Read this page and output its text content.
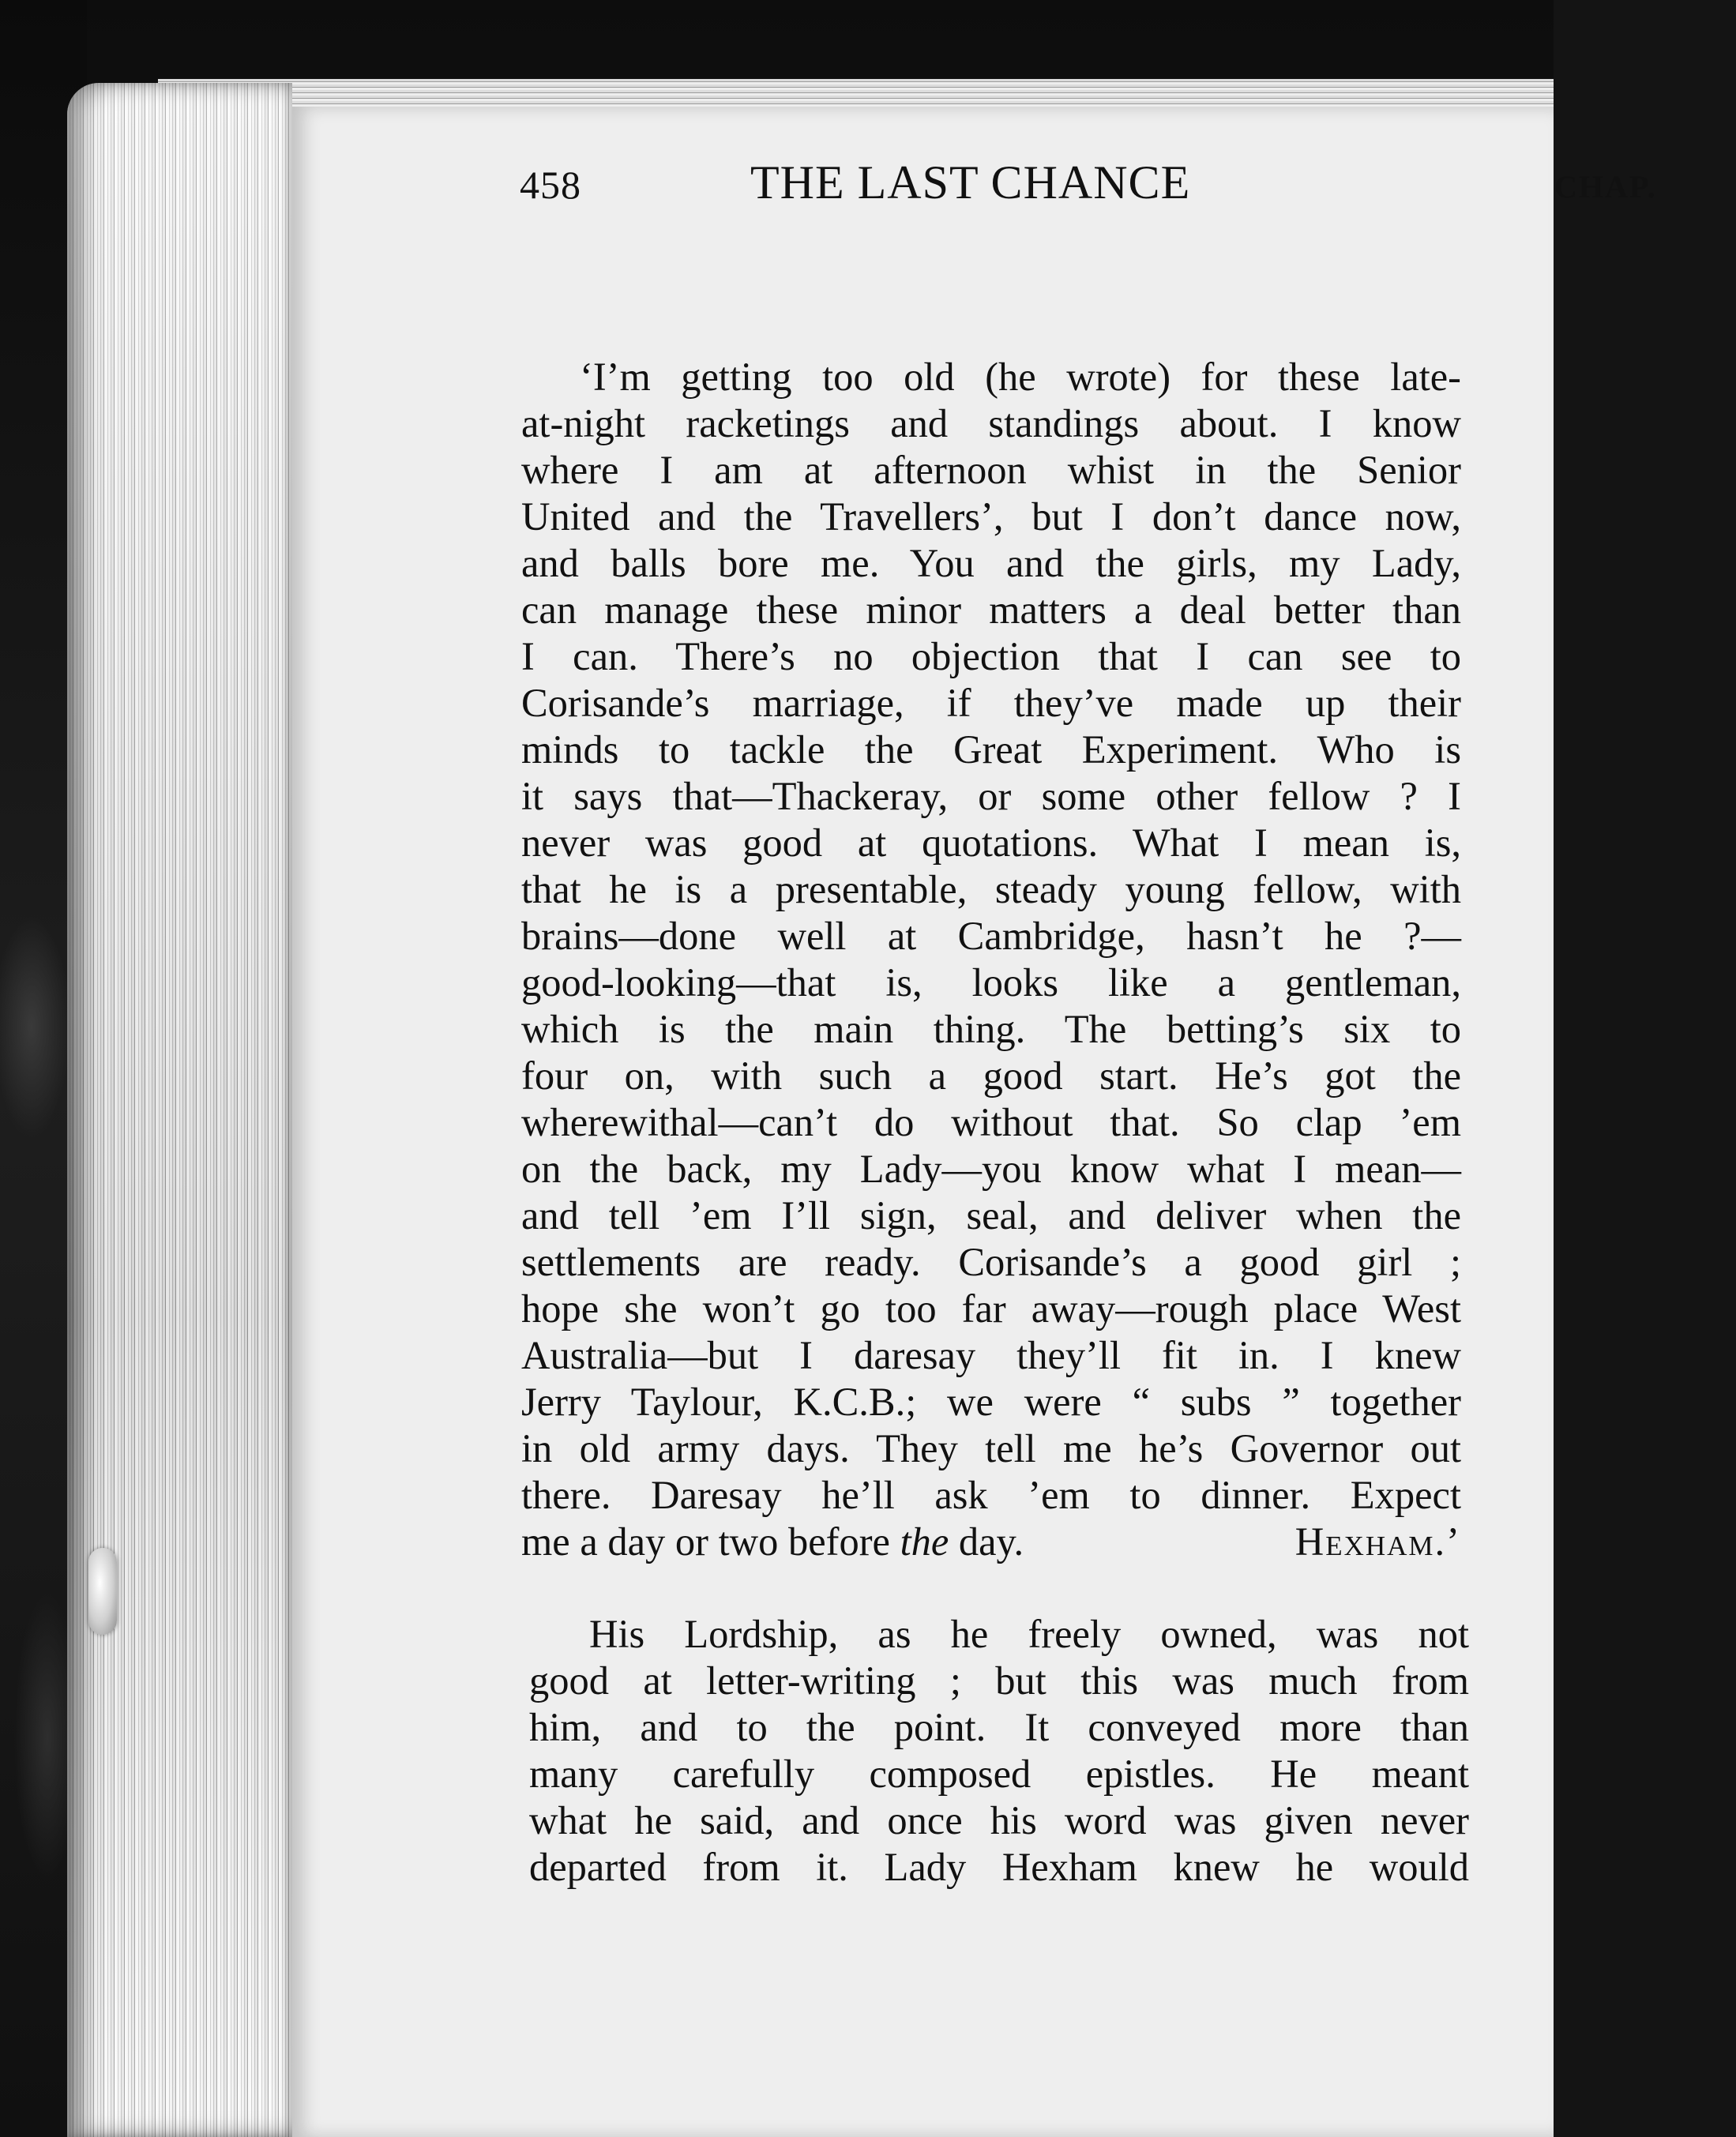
458	THE LAST CHANCE	CHAP.
‘I’m getting too old (he wrote) for these late-
at-night racketings and standings about. I know
where I am at afternoon whist in the Senior
United and the Travellers’, but I don’t dance now,
and balls bore me. You and the girls, my Lady,
can manage these minor matters a deal better than
I can. There’s no objection that I can see to
Corisande’s marriage, if they’ve made up their
minds to tackle the Great Experiment. Who is
it says that—Thackeray, or some other fellow ? I
never was good at quotations. What I mean is,
that he is a presentable, steady young fellow, with
brains—done well at Cambridge, hasn’t he ?—
good-looking—that is, looks like a gentleman,
which is the main thing. The betting’s six to
four on, with such a good start. He’s got the
wherewithal—can’t do without that. So clap ’em
on the back, my Lady—you know what I mean—
and tell ’em I’ll sign, seal, and deliver when the
settlements are ready. Corisande’s a good girl ;
hope she won’t go too far away—rough place West
Australia—but I daresay they’ll fit in. I knew
Jerry Taylour, K.C.B.; we were “ subs ” together
in old army days. They tell me he’s Governor out
there. Daresay he’ll ask ’em to dinner. Expect
me a day or two before the day.	Hexham.’
His Lordship, as he freely owned, was not
good at letter-writing ; but this was much from
him, and to the point. It conveyed more than
many carefully composed epistles. He meant
what he said, and once his word was given never
departed from it. Lady Hexham knew he would
